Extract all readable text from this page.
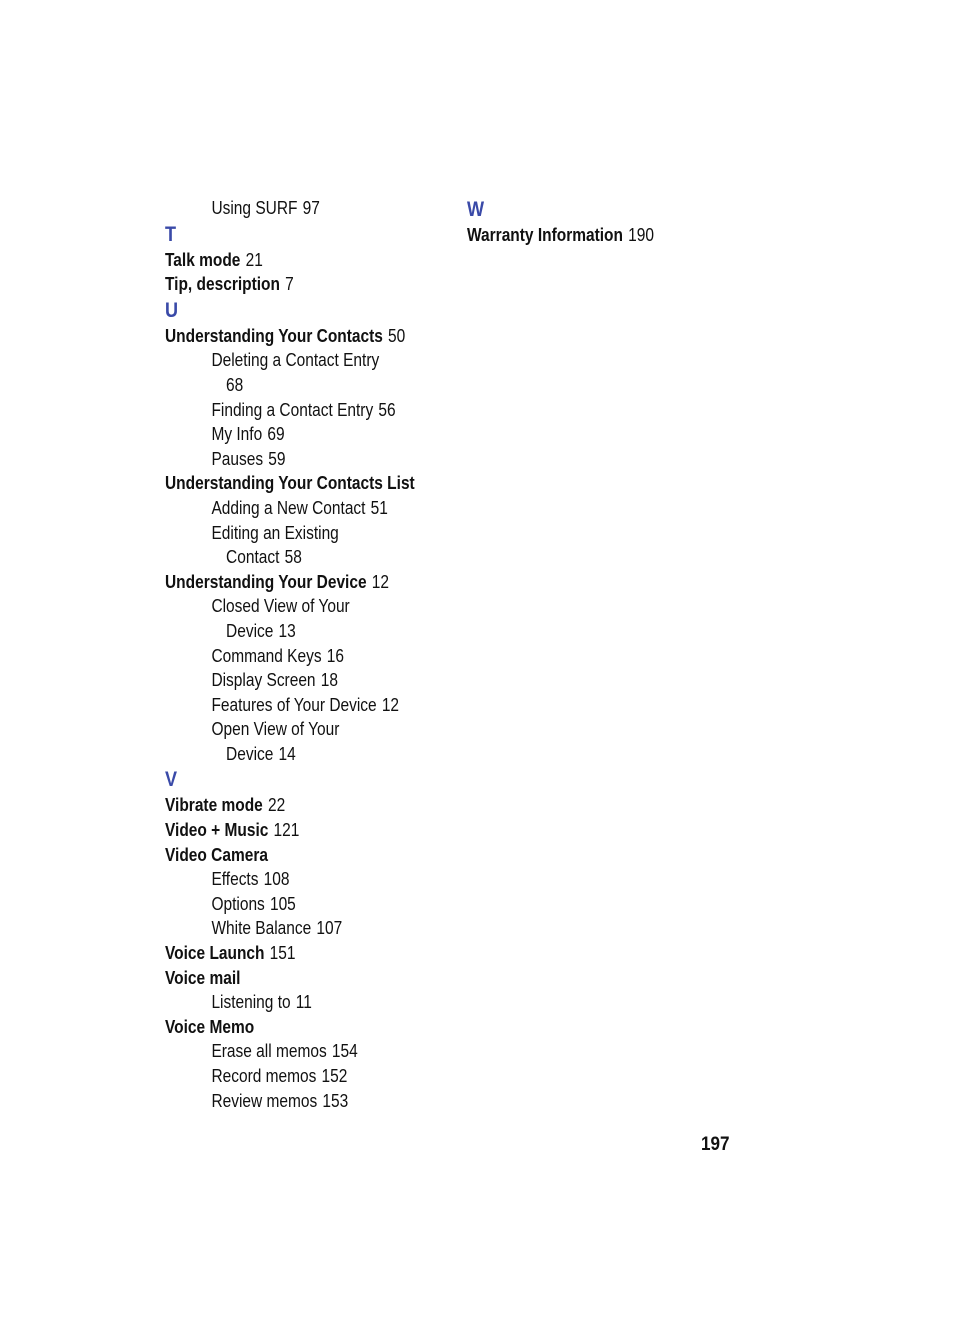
Using SURF 97
T
Talk mode 21
Tip, description 7
U
Understanding Your Contacts 50
Deleting a Contact Entry
68
Finding a Contact Entry 56
My Info 69
Pauses 59
Understanding Your Contacts List
Adding a New Contact 51
Editing an Existing
Contact 58
Understanding Your Device 12
Closed View of Your
Device 13
Command Keys 16
Display Screen 18
Features of Your Device 12
Open View of Your
Device 14
V
Vibrate mode 22
Video + Music 121
Video Camera
Effects 108
Options 105
White Balance 107
Voice Launch 151
Voice mail
Listening to 11
Voice Memo
Erase all memos 154
Record memos 152
Review memos 153
W
Warranty Information 190
197
